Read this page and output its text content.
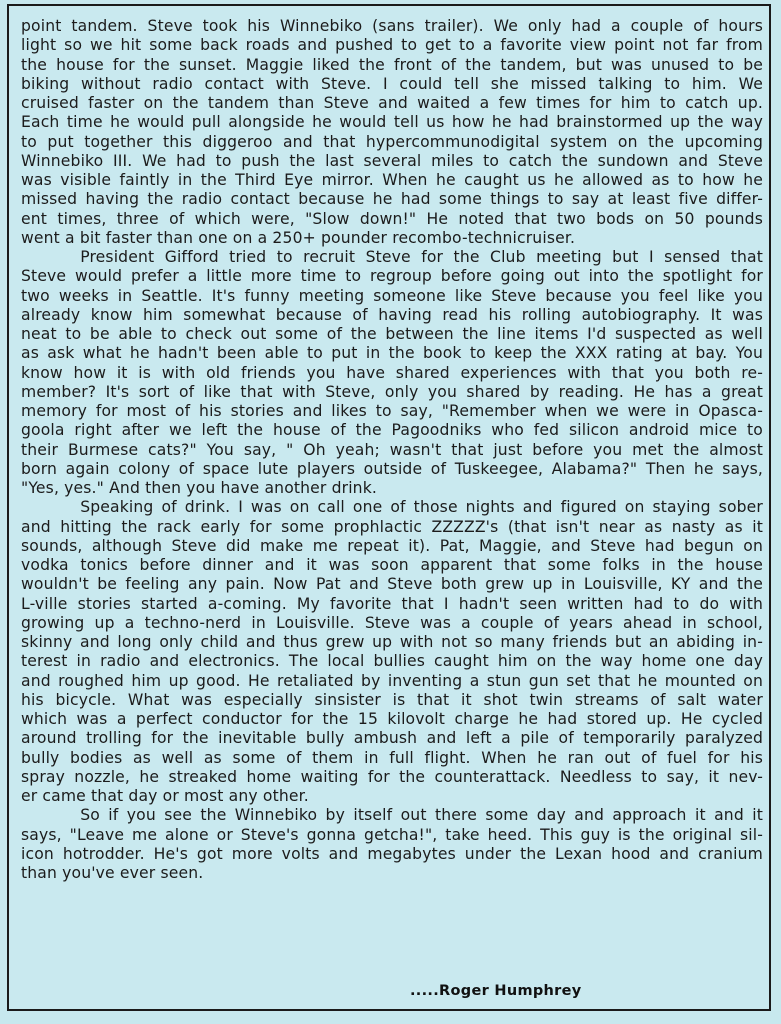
point tandem. Steve took his Winnebiko (sans trailer). We only had a couple of hours
light so we hit some back roads and pushed to get to a favorite view point not far from
the house for the sunset. Maggie liked the front of the tandem, but was unused to be
biking without radio contact with Steve. I could tell she missed talking to him. We
cruised faster on the tandem than Steve and waited a few times for him to catch up.
Each time he would pull alongside he would tell us how he had brainstormed up the way
to put together this diggeroo and that hypercommunodigital system on the upcoming
Winnebiko III. We had to push the last several miles to catch the sundown and Steve
was visible faintly in the Third Eye mirror. When he caught us he allowed as to how he
missed having the radio contact because he had some things to say at least five differ-
ent times, three of which were, "Slow down!" He noted that two bods on 50 pounds
went a bit faster than one on a 250+ pounder recombo-technicruiser.
President Gifford tried to recruit Steve for the Club meeting but I sensed that
Steve would prefer a little more time to regroup before going out into the spotlight for
two weeks in Seattle. It's funny meeting someone like Steve because you feel like you
already know him somewhat because of having read his rolling autobiography. It was
neat to be able to check out some of the between the line items I'd suspected as well
as ask what he hadn't been able to put in the book to keep the XXX rating at bay. You
know how it is with old friends you have shared experiences with that you both re-
member? It's sort of like that with Steve, only you shared by reading. He has a great
memory for most of his stories and likes to say, "Remember when we were in Opasca-
goola right after we left the house of the Pagoodniks who fed silicon android mice to
their Burmese cats?" You say, " Oh yeah; wasn't that just before you met the almost
born again colony of space lute players outside of Tuskeegee, Alabama?" Then he says,
"Yes, yes." And then you have another drink.
Speaking of drink. I was on call one of those nights and figured on staying sober
and hitting the rack early for some prophlactic ZZZZZ's (that isn't near as nasty as it
sounds, although Steve did make me repeat it). Pat, Maggie, and Steve had begun on
vodka tonics before dinner and it was soon apparent that some folks in the house
wouldn't be feeling any pain. Now Pat and Steve both grew up in Louisville, KY and the
L-ville stories started a-coming. My favorite that I hadn't seen written had to do with
growing up a techno-nerd in Louisville. Steve was a couple of years ahead in school,
skinny and long only child and thus grew up with not so many friends but an abiding in-
terest in radio and electronics. The local bullies caught him on the way home one day
and roughed him up good. He retaliated by inventing a stun gun set that he mounted on
his bicycle. What was especially sinsister is that it shot twin streams of salt water
which was a perfect conductor for the 15 kilovolt charge he had stored up. He cycled
around trolling for the inevitable bully ambush and left a pile of temporarily paralyzed
bully bodies as well as some of them in full flight. When he ran out of fuel for his
spray nozzle, he streaked home waiting for the counterattack. Needless to say, it nev-
er came that day or most any other.
So if you see the Winnebiko by itself out there some day and approach it and it
says, "Leave me alone or Steve's gonna getcha!", take heed. This guy is the original sil-
icon hotrodder. He's got more volts and megabytes under the Lexan hood and cranium
than you've ever seen.
.....Roger Humphrey
